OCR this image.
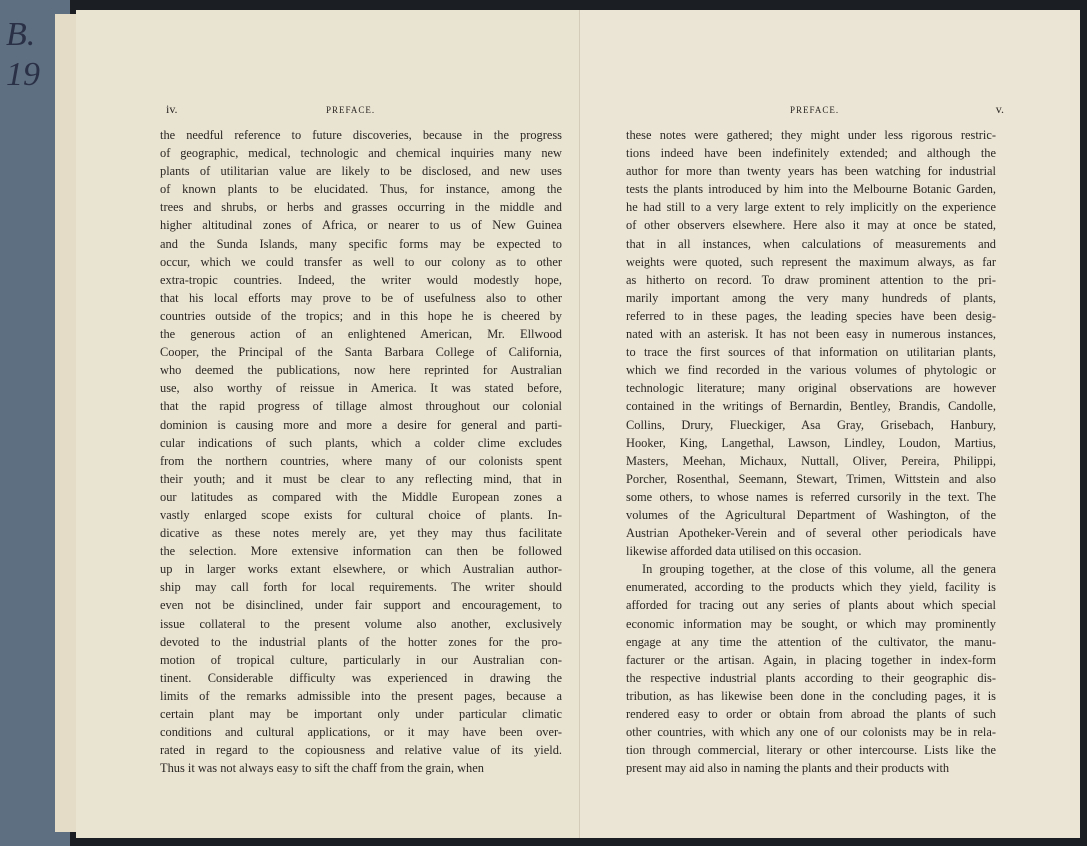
B.
19
iv.	PREFACE.
the needful reference to future discoveries, because in the progress
of geographic, medical, technologic and chemical inquiries many new
plants of utilitarian value are likely to be disclosed, and new uses
of known plants to be elucidated. Thus, for instance, among the
trees and shrubs, or herbs and grasses occurring in the middle and
higher altitudinal zones of Africa, or nearer to us of New Guinea
and the Sunda Islands, many specific forms may be expected to
occur, which we could transfer as well to our colony as to other
extra-tropic countries. Indeed, the writer would modestly hope,
that his local efforts may prove to be of usefulness also to other
countries outside of the tropics; and in this hope he is cheered by
the generous action of an enlightened American, Mr. Ellwood
Cooper, the Principal of the Santa Barbara College of California,
who deemed the publications, now here reprinted for Australian
use, also worthy of reissue in America. It was stated before,
that the rapid progress of tillage almost throughout our colonial
dominion is causing more and more a desire for general and parti-
cular indications of such plants, which a colder clime excludes
from the northern countries, where many of our colonists spent
their youth; and it must be clear to any reflecting mind, that in
our latitudes as compared with the Middle European zones a
vastly enlarged scope exists for cultural choice of plants. In-
dicative as these notes merely are, yet they may thus facilitate
the selection. More extensive information can then be followed
up in larger works extant elsewhere, or which Australian author-
ship may call forth for local requirements. The writer should
even not be disinclined, under fair support and encouragement, to
issue collateral to the present volume also another, exclusively
devoted to the industrial plants of the hotter zones for the pro-
motion of tropical culture, particularly in our Australian con-
tinent. Considerable difficulty was experienced in drawing the
limits of the remarks admissible into the present pages, because a
certain plant may be important only under particular climatic
conditions and cultural applications, or it may have been over-
rated in regard to the copiousness and relative value of its yield.
Thus it was not always easy to sift the chaff from the grain, when
PREFACE.	v.
these notes were gathered; they might under less rigorous restric-
tions indeed have been indefinitely extended; and although the
author for more than twenty years has been watching for industrial
tests the plants introduced by him into the Melbourne Botanic Garden,
he had still to a very large extent to rely implicitly on the experience
of other observers elsewhere. Here also it may at once be stated,
that in all instances, when calculations of measurements and
weights were quoted, such represent the maximum always, as far
as hitherto on record. To draw prominent attention to the pri-
marily important among the very many hundreds of plants,
referred to in these pages, the leading species have been desig-
nated with an asterisk. It has not been easy in numerous instances,
to trace the first sources of that information on utilitarian plants,
which we find recorded in the various volumes of phytologic or
technologic literature; many original observations are however
contained in the writings of Bernardin, Bentley, Brandis, Candolle,
Collins, Drury, Flueckiger, Asa Gray, Grisebach, Hanbury,
Hooker, King, Langethal, Lawson, Lindley, Loudon, Martius,
Masters, Meehan, Michaux, Nuttall, Oliver, Pereira, Philippi,
Porcher, Rosenthal, Seemann, Stewart, Trimen, Wittstein and also
some others, to whose names is referred cursorily in the text. The
volumes of the Agricultural Department of Washington, of the
Austrian Apotheker-Verein and of several other periodicals have
likewise afforded data utilised on this occasion.
In grouping together, at the close of this volume, all the genera
enumerated, according to the products which they yield, facility is
afforded for tracing out any series of plants about which special
economic information may be sought, or which may prominently
engage at any time the attention of the cultivator, the manu-
facturer or the artisan. Again, in placing together in index-form
the respective industrial plants according to their geographic dis-
tribution, as has likewise been done in the concluding pages, it is
rendered easy to order or obtain from abroad the plants of such
other countries, with which any one of our colonists may be in rela-
tion through commercial, literary or other intercourse. Lists like the
present may aid also in naming the plants and their products with
